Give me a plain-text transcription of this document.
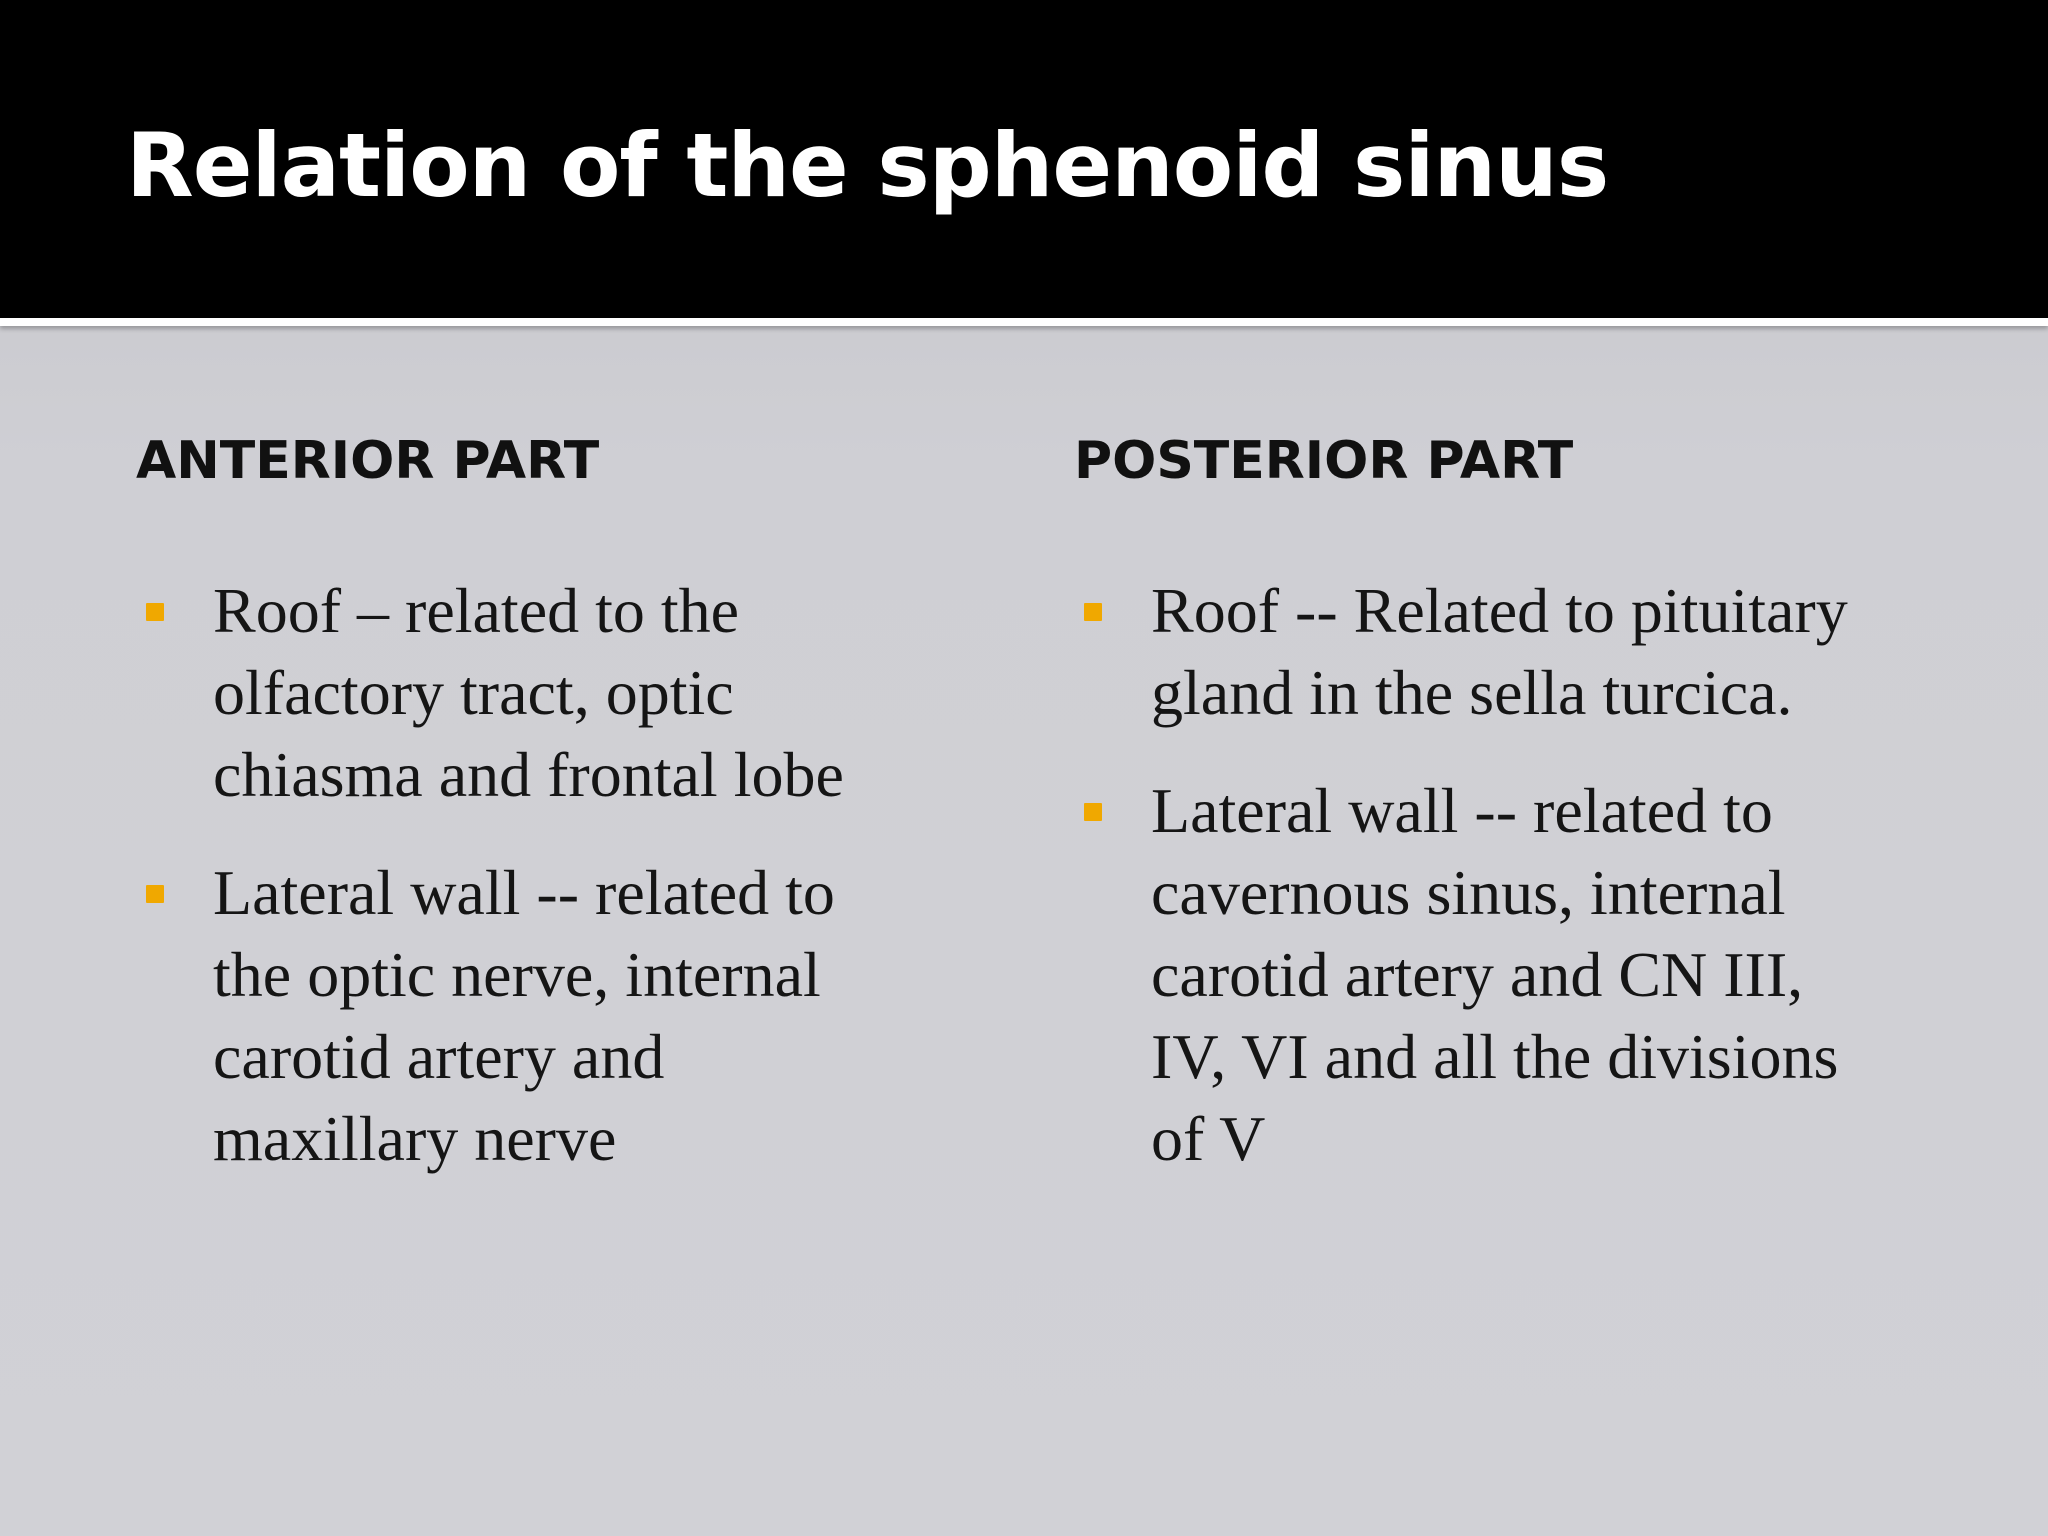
Relation of the sphenoid sinus
ANTERIOR PART
Roof – related to the
olfactory tract, optic
chiasma and frontal lobe
Lateral wall -- related to
the optic nerve, internal
carotid artery and
maxillary nerve
POSTERIOR PART
Roof -- Related to pituitary
gland in the sella turcica.
Lateral wall -- related to
cavernous sinus, internal
carotid artery and CN III,
IV, VI and all the divisions
of V
